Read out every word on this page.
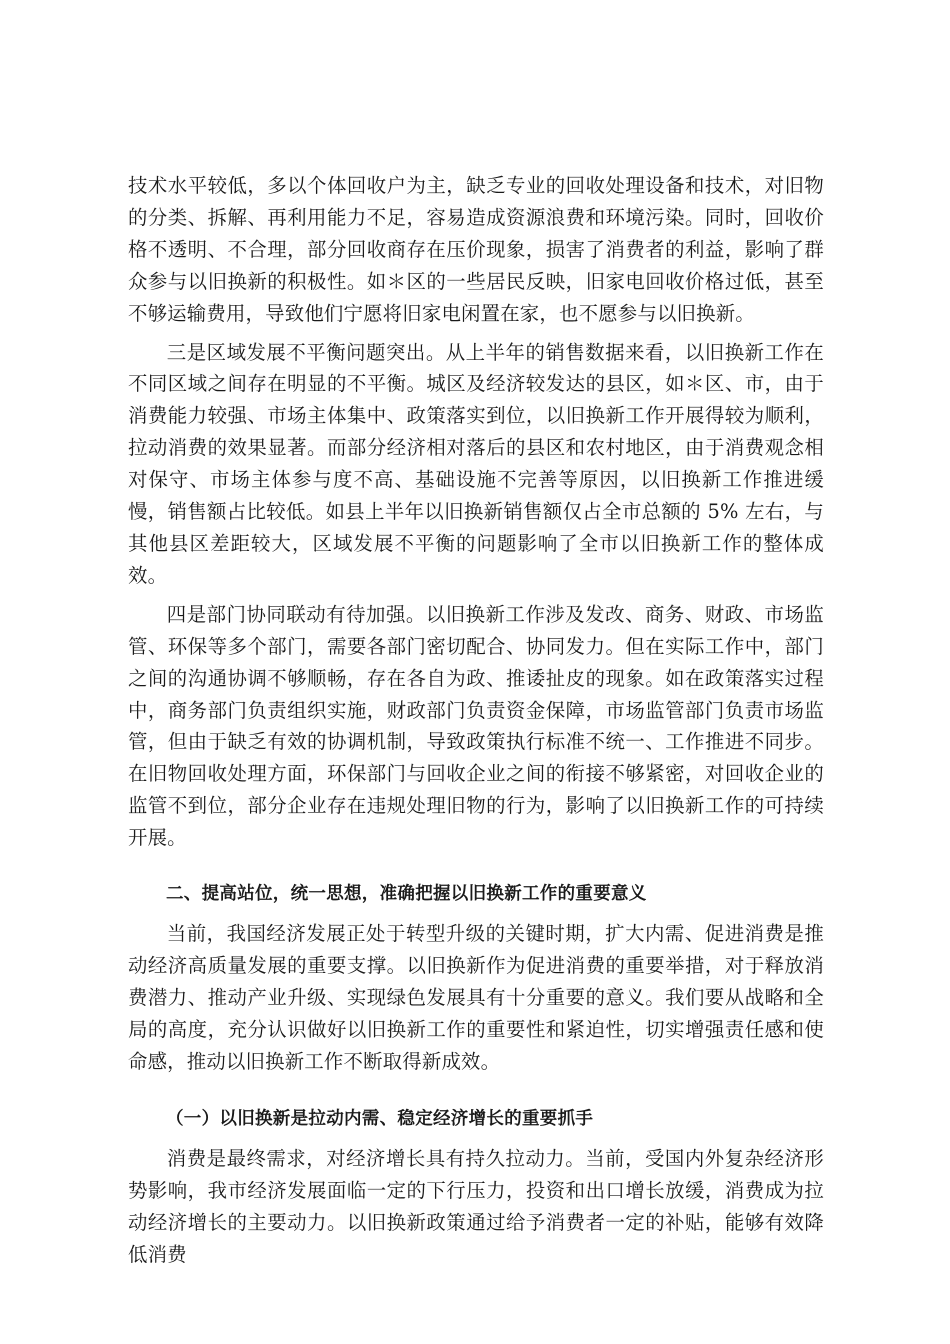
技术水平较低，多以个体回收户为主，缺乏专业的回收处理设备和技术，对旧物的分类、拆解、再利用能力不足，容易造成资源浪费和环境污染。同时，回收价格不透明、不合理，部分回收商存在压价现象，损害了消费者的利益，影响了群众参与以旧换新的积极性。如＊区的一些居民反映，旧家电回收价格过低，甚至不够运输费用，导致他们宁愿将旧家电闲置在家，也不愿参与以旧换新。

三是区域发展不平衡问题突出。从上半年的销售数据来看，以旧换新工作在不同区域之间存在明显的不平衡。城区及经济较发达的县区，如＊区、市，由于消费能力较强、市场主体集中、政策落实到位，以旧换新工作开展得较为顺利，拉动消费的效果显著。而部分经济相对落后的县区和农村地区，由于消费观念相对保守、市场主体参与度不高、基础设施不完善等原因，以旧换新工作推进缓慢，销售额占比较低。如县上半年以旧换新销售额仅占全市总额的 5% 左右，与其他县区差距较大，区域发展不平衡的问题影响了全市以旧换新工作的整体成效。

四是部门协同联动有待加强。以旧换新工作涉及发改、商务、财政、市场监管、环保等多个部门，需要各部门密切配合、协同发力。但在实际工作中，部门之间的沟通协调不够顺畅，存在各自为政、推诿扯皮的现象。如在政策落实过程中，商务部门负责组织实施，财政部门负责资金保障，市场监管部门负责市场监管，但由于缺乏有效的协调机制，导致政策执行标准不统一、工作推进不同步。在旧物回收处理方面，环保部门与回收企业之间的衔接不够紧密，对回收企业的监管不到位，部分企业存在违规处理旧物的行为，影响了以旧换新工作的可持续开展。

二、提高站位，统一思想，准确把握以旧换新工作的重要意义

当前，我国经济发展正处于转型升级的关键时期，扩大内需、促进消费是推动经济高质量发展的重要支撑。以旧换新作为促进消费的重要举措，对于释放消费潜力、推动产业升级、实现绿色发展具有十分重要的意义。我们要从战略和全局的高度，充分认识做好以旧换新工作的重要性和紧迫性，切实增强责任感和使命感，推动以旧换新工作不断取得新成效。

（一）以旧换新是拉动内需、稳定经济增长的重要抓手

消费是最终需求，对经济增长具有持久拉动力。当前，受国内外复杂经济形势影响，我市经济发展面临一定的下行压力，投资和出口增长放缓，消费成为拉动经济增长的主要动力。以旧换新政策通过给予消费者一定的补贴，能够有效降低消费
